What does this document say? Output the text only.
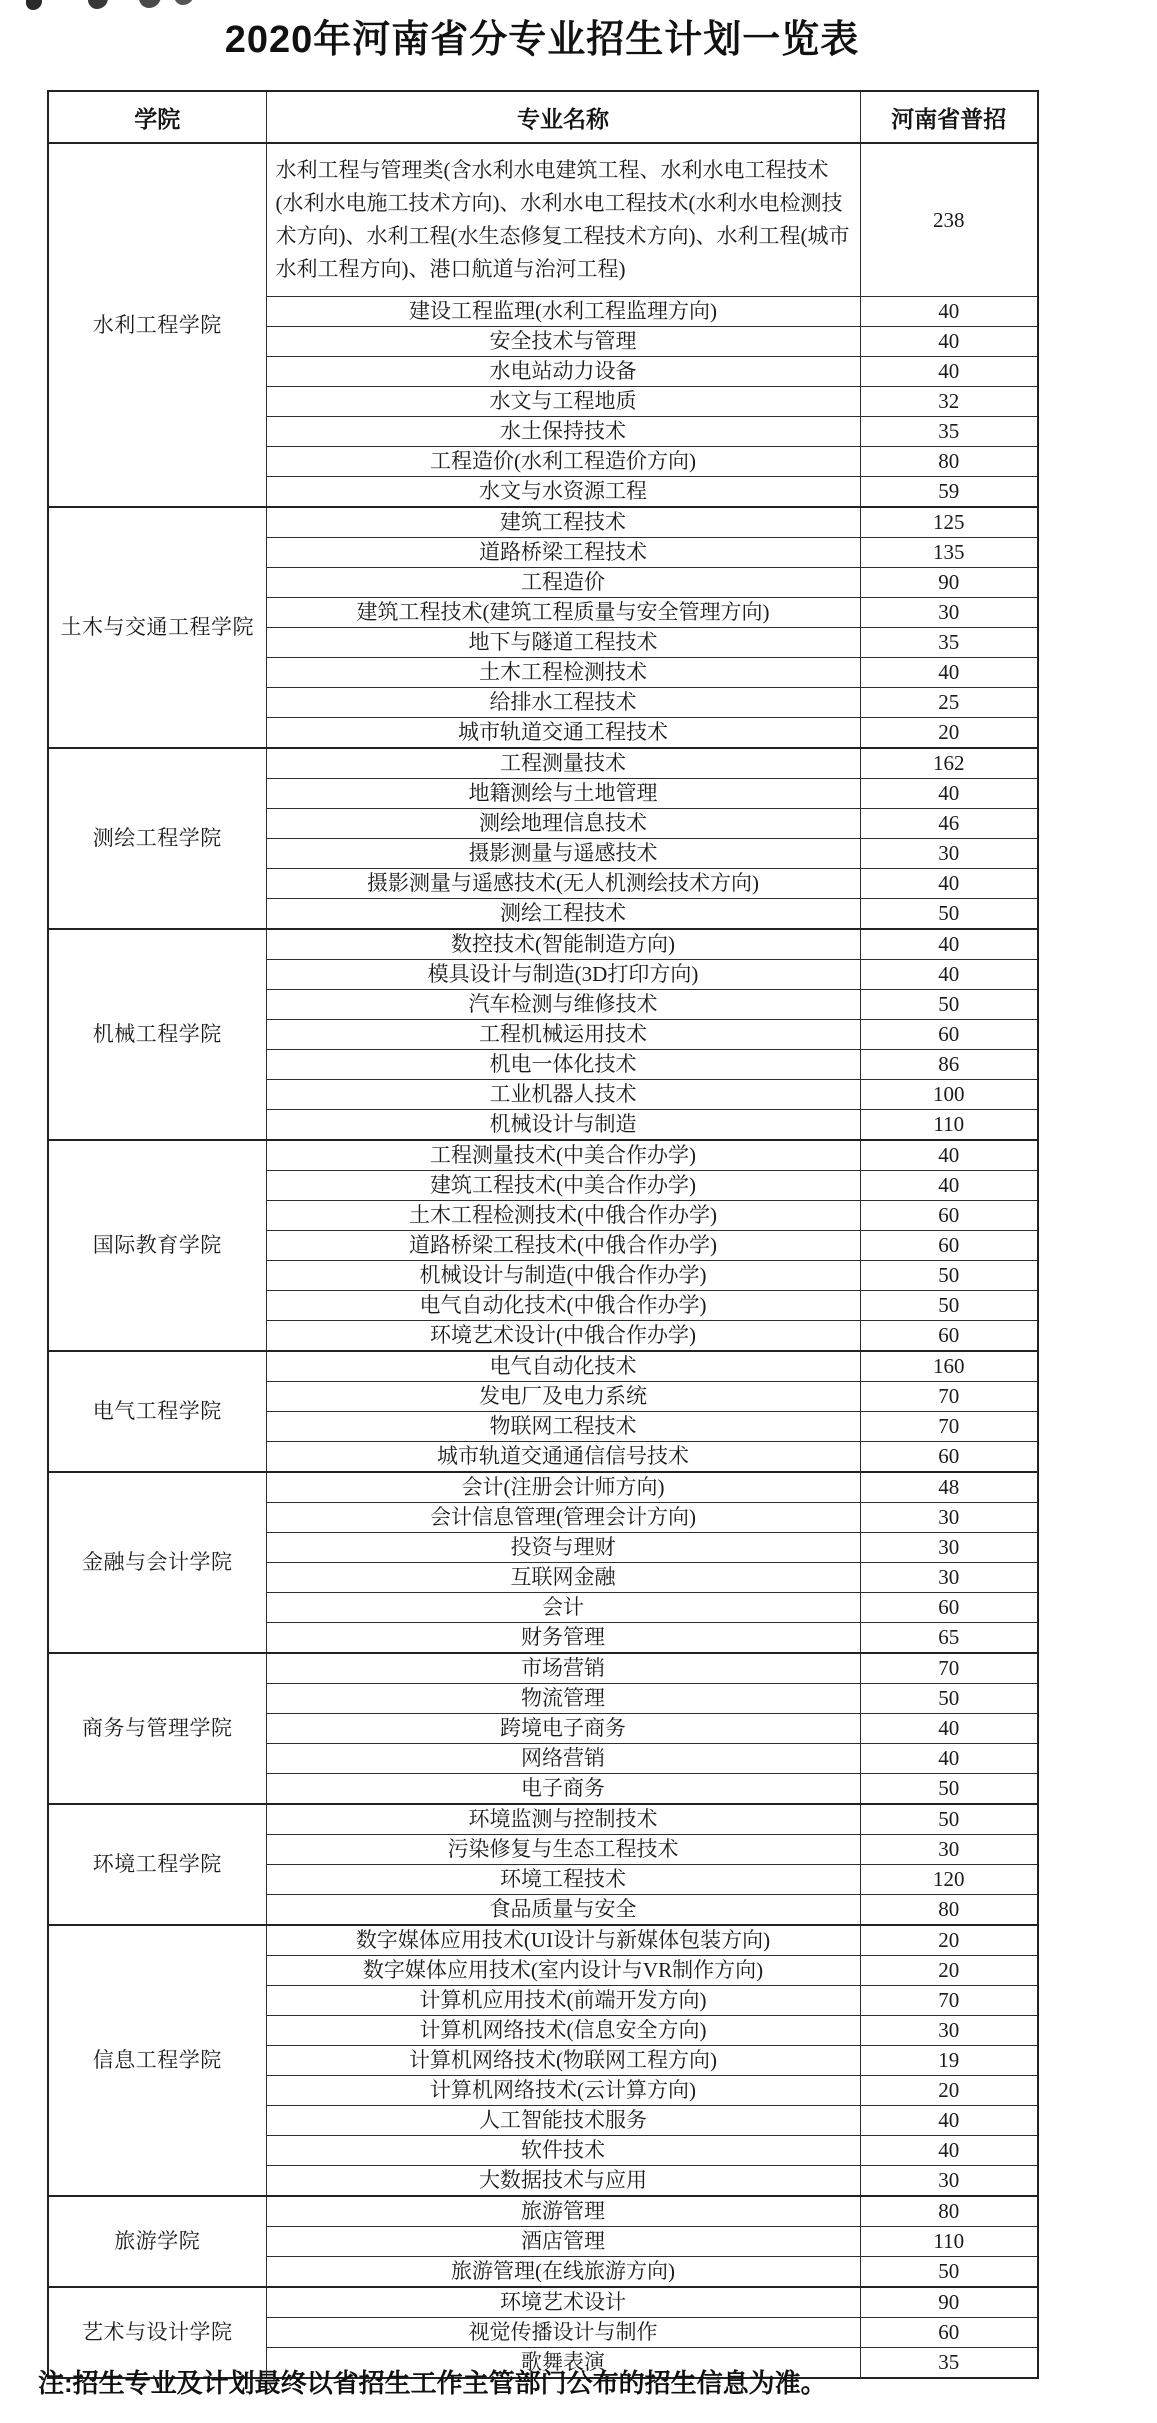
2020年河南省分专业招生计划一览表
学院	专业名称	河南省普招
水利工程学院	水利工程与管理类(含水利水电建筑工程、水利水电工程技术(水利水电施工技术方向)、水利水电工程技术(水利水电检测技术方向)、水利工程(水生态修复工程技术方向)、水利工程(城市水利工程方向)、港口航道与治河工程)	238
	建设工程监理(水利工程监理方向)	40
	安全技术与管理	40
	水电站动力设备	40
	水文与工程地质	32
	水土保持技术	35
	工程造价(水利工程造价方向)	80
	水文与水资源工程	59
土木与交通工程学院	建筑工程技术	125
	道路桥梁工程技术	135
	工程造价	90
	建筑工程技术(建筑工程质量与安全管理方向)	30
	地下与隧道工程技术	35
	土木工程检测技术	40
	给排水工程技术	25
	城市轨道交通工程技术	20
测绘工程学院	工程测量技术	162
	地籍测绘与土地管理	40
	测绘地理信息技术	46
	摄影测量与遥感技术	30
	摄影测量与遥感技术(无人机测绘技术方向)	40
	测绘工程技术	50
机械工程学院	数控技术(智能制造方向)	40
	模具设计与制造(3D打印方向)	40
	汽车检测与维修技术	50
	工程机械运用技术	60
	机电一体化技术	86
	工业机器人技术	100
	机械设计与制造	110
国际教育学院	工程测量技术(中美合作办学)	40
	建筑工程技术(中美合作办学)	40
	土木工程检测技术(中俄合作办学)	60
	道路桥梁工程技术(中俄合作办学)	60
	机械设计与制造(中俄合作办学)	50
	电气自动化技术(中俄合作办学)	50
	环境艺术设计(中俄合作办学)	60
电气工程学院	电气自动化技术	160
	发电厂及电力系统	70
	物联网工程技术	70
	城市轨道交通通信信号技术	60
金融与会计学院	会计(注册会计师方向)	48
	会计信息管理(管理会计方向)	30
	投资与理财	30
	互联网金融	30
	会计	60
	财务管理	65
商务与管理学院	市场营销	70
	物流管理	50
	跨境电子商务	40
	网络营销	40
	电子商务	50
环境工程学院	环境监测与控制技术	50
	污染修复与生态工程技术	30
	环境工程技术	120
	食品质量与安全	80
信息工程学院	数字媒体应用技术(UI设计与新媒体包装方向)	20
	数字媒体应用技术(室内设计与VR制作方向)	20
	计算机应用技术(前端开发方向)	70
	计算机网络技术(信息安全方向)	30
	计算机网络技术(物联网工程方向)	19
	计算机网络技术(云计算方向)	20
	人工智能技术服务	40
	软件技术	40
	大数据技术与应用	30
旅游学院	旅游管理	80
	酒店管理	110
	旅游管理(在线旅游方向)	50
艺术与设计学院	环境艺术设计	90
	视觉传播设计与制作	60
	歌舞表演	35

注:招生专业及计划最终以省招生工作主管部门公布的招生信息为准。
